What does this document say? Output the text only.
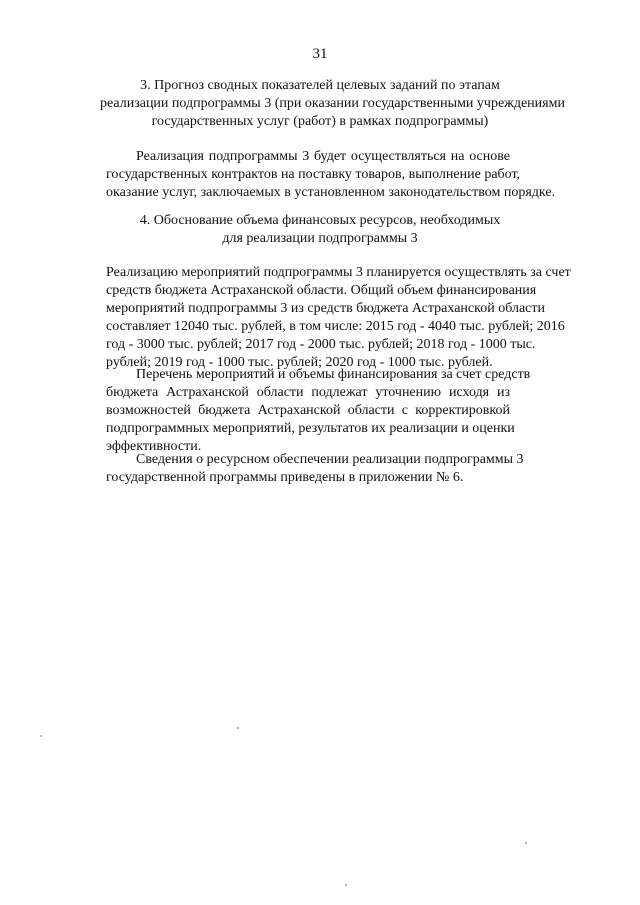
31

3. Прогноз сводных показателей целевых заданий по этапам

реализации подпрограммы 3 (при оказании государственными учреждениями

государственных услуг (работ) в рамках подпрограммы)

Реализация подпрограммы 3 будет осуществляться на основе
государственных контрактов на поставку товаров, выполнение работ,
оказание услуг, заключаемых в установленном законодательством порядке.

4. Обоснование объема финансовых ресурсов, необходимых

для реализации подпрограммы 3

Реализацию мероприятий подпрограммы 3 планируется осуществлять за счет
средств бюджета Астраханской области. Общий объем финансирования
мероприятий подпрограммы 3 из средств бюджета Астраханской области
составляет 12040 тыс. рублей, в том числе: 2015 год - 4040 тыс. рублей; 2016
год - 3000 тыс. рублей; 2017 год - 2000 тыс. рублей; 2018 год - 1000 тыс.
рублей; 2019 год - 1000 тыс. рублей; 2020 год - 1000 тыс. рублей.
Перечень мероприятий и объемы финансирования за счет средств
бюджета Астраханской области подлежат уточнению исходя из
возможностей бюджета Астраханской области с корректировкой
подпрограммных мероприятий, результатов их реализации и оценки
эффективности.
Сведения о ресурсном обеспечении реализации подпрограммы 3
государственной программы приведены в приложении № 6.
